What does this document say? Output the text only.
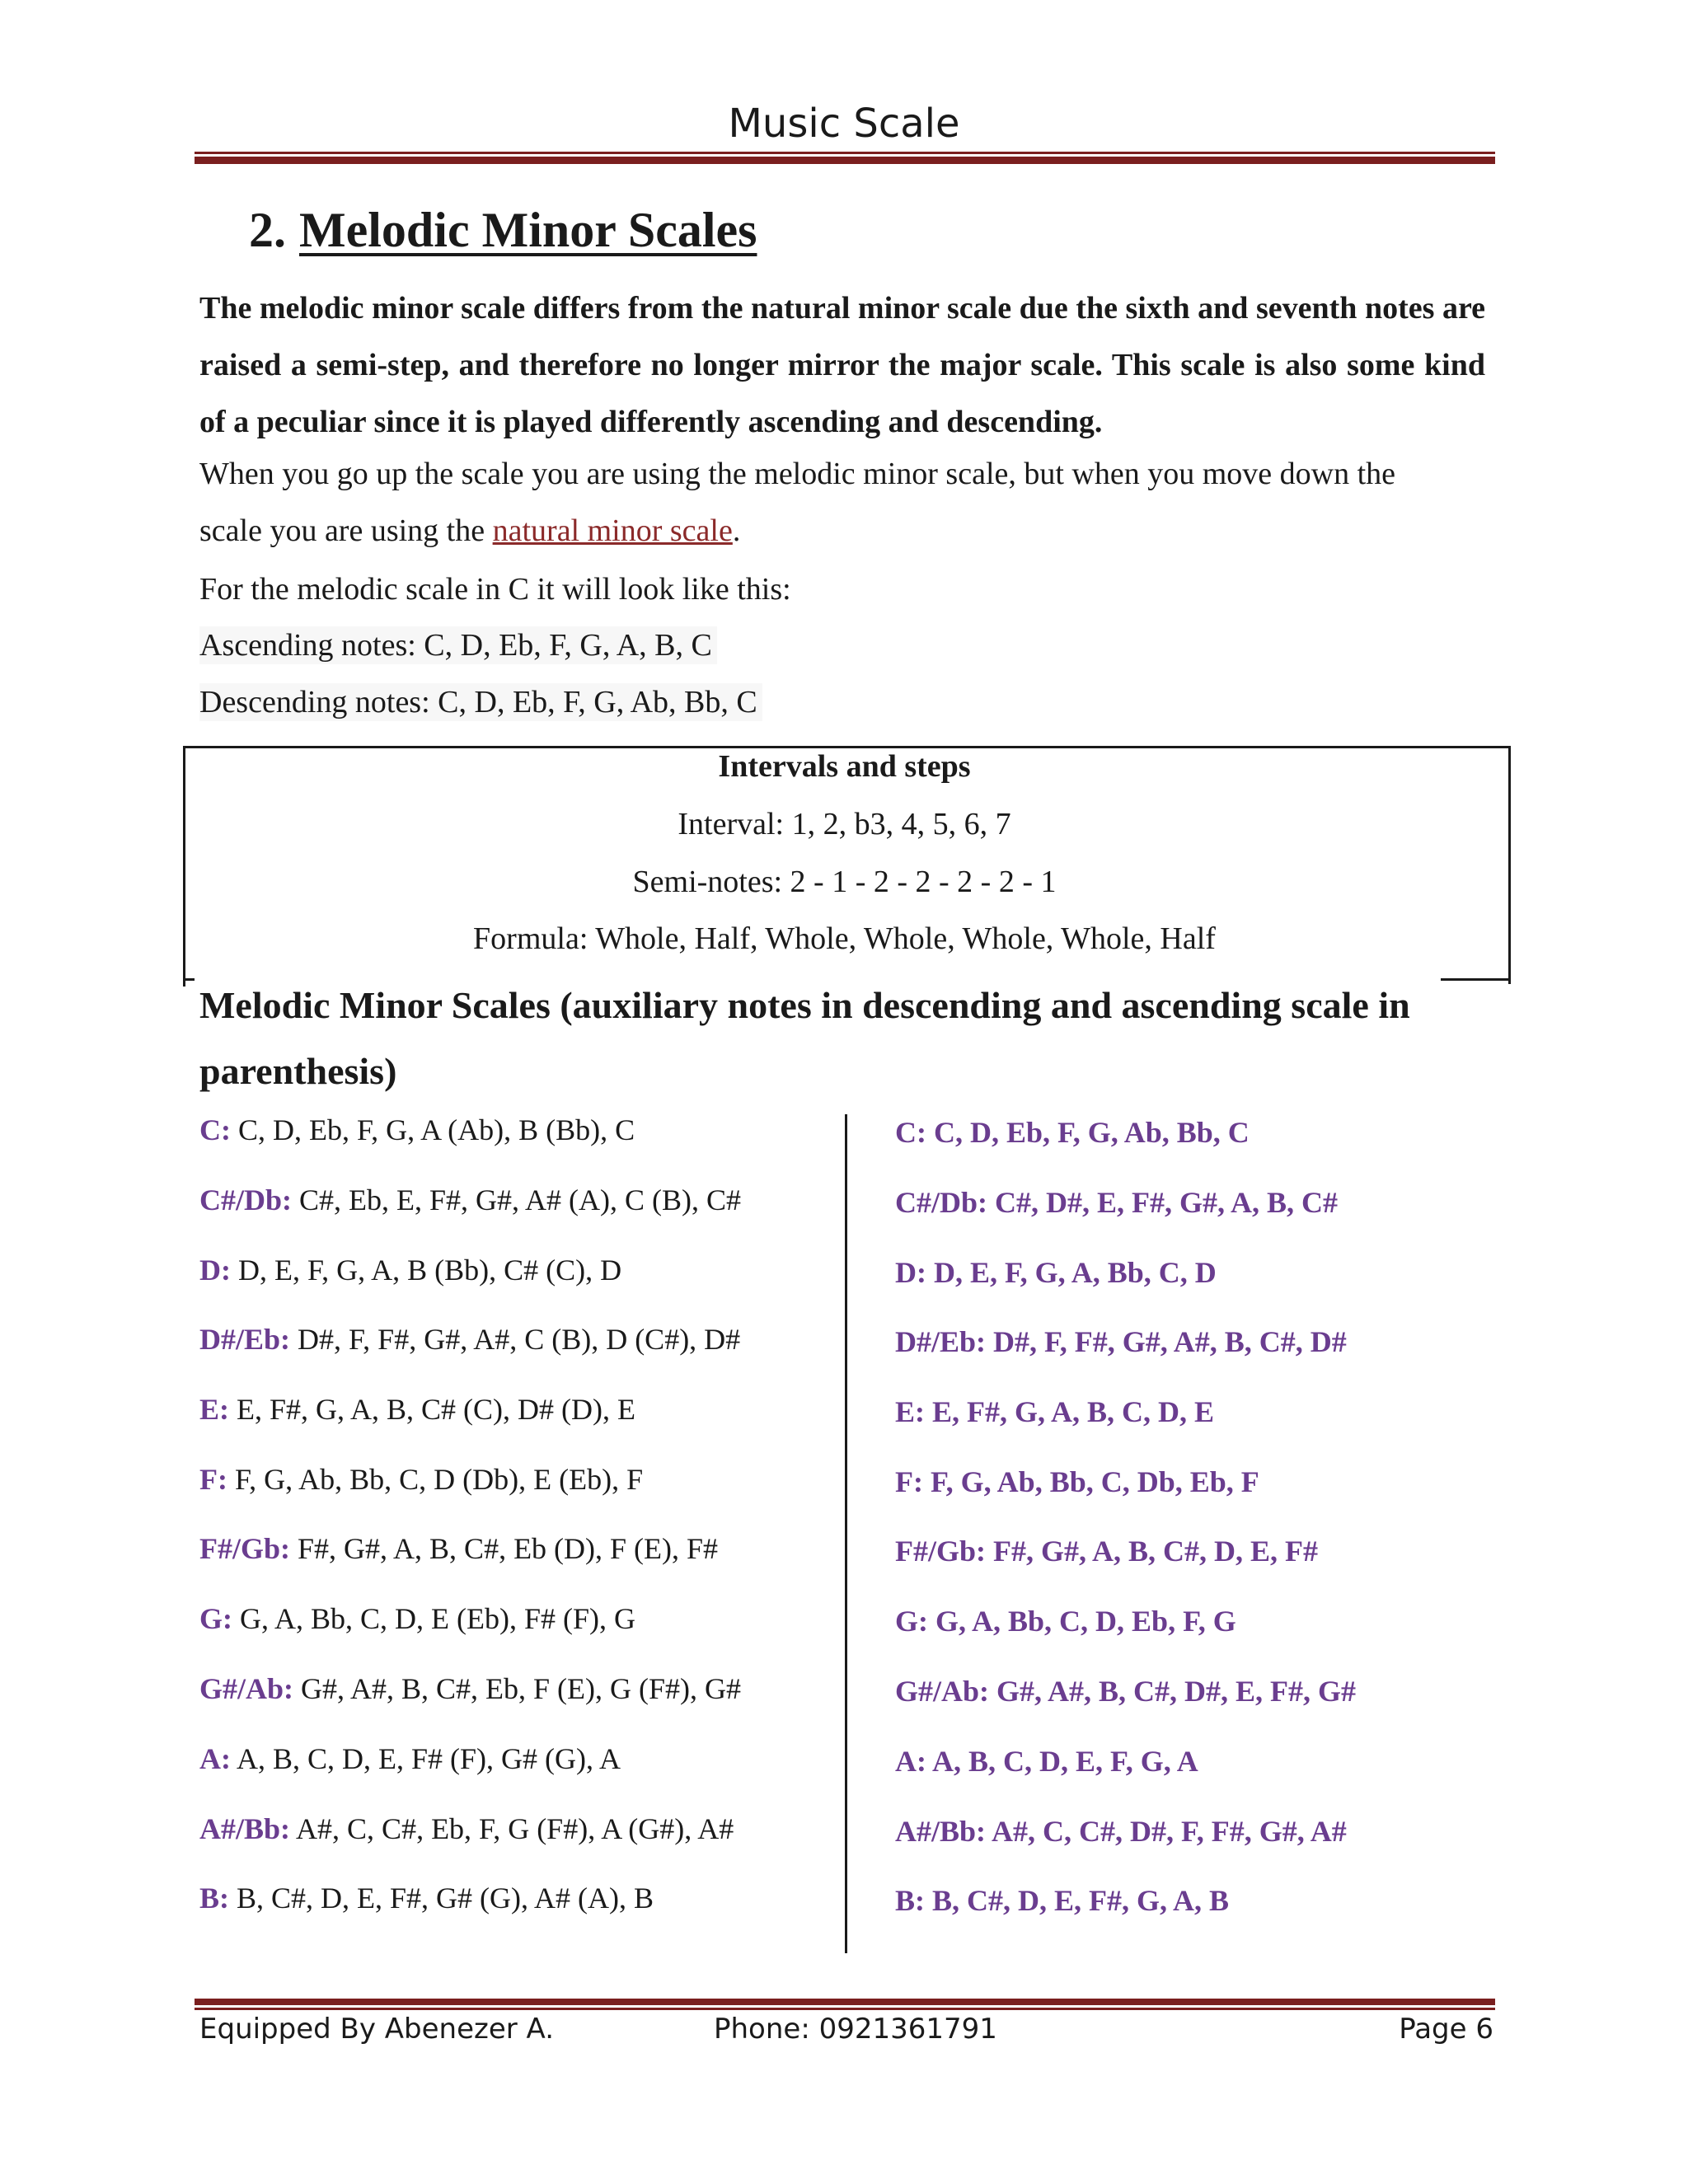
Music Scale
2. Melodic Minor Scales
The melodic minor scale differs from the natural minor scale due the sixth and seventh notes are raised a semi-step, and therefore no longer mirror the major scale. This scale is also some kind of a peculiar since it is played differently ascending and descending.
When you go up the scale you are using the melodic minor scale, but when you move down the
scale you are using the natural minor scale.
For the melodic scale in C it will look like this:
Ascending notes: C, D, Eb, F, G, A, B, C
Descending notes: C, D, Eb, F, G, Ab, Bb, C
Intervals and steps
Interval: 1, 2, b3, 4, 5, 6, 7
Semi-notes: 2 - 1 - 2 - 2 - 2 - 2 - 1
Formula: Whole, Half, Whole, Whole, Whole, Whole, Half
Melodic Minor Scales (auxiliary notes in descending and ascending scale in parenthesis)
C: C, D, Eb, F, G, A (Ab), B (Bb), C
C#/Db: C#, Eb, E, F#, G#, A# (A), C (B), C#
D: D, E, F, G, A, B (Bb), C# (C), D
D#/Eb: D#, F, F#, G#, A#, C (B), D (C#), D#
E: E, F#, G, A, B, C# (C), D# (D), E
F: F, G, Ab, Bb, C, D (Db), E (Eb), F
F#/Gb: F#, G#, A, B, C#, Eb (D), F (E), F#
G: G, A, Bb, C, D, E (Eb), F# (F), G
G#/Ab: G#, A#, B, C#, Eb, F (E), G (F#), G#
A: A, B, C, D, E, F# (F), G# (G), A
A#/Bb: A#, C, C#, Eb, F, G (F#), A (G#), A#
B: B, C#, D, E, F#, G# (G), A# (A), B
C: C, D, Eb, F, G, Ab, Bb, C
C#/Db: C#, D#, E, F#, G#, A, B, C#
D: D, E, F, G, A, Bb, C, D
D#/Eb: D#, F, F#, G#, A#, B, C#, D#
E: E, F#, G, A, B, C, D, E
F: F, G, Ab, Bb, C, Db, Eb, F
F#/Gb: F#, G#, A, B, C#, D, E, F#
G: G, A, Bb, C, D, Eb, F, G
G#/Ab: G#, A#, B, C#, D#, E, F#, G#
A: A, B, C, D, E, F, G, A
A#/Bb: A#, C, C#, D#, F, F#, G#, A#
B: B, C#, D, E, F#, G, A, B
Equipped By Abenezer A.	Phone: 0921361791	Page 6
